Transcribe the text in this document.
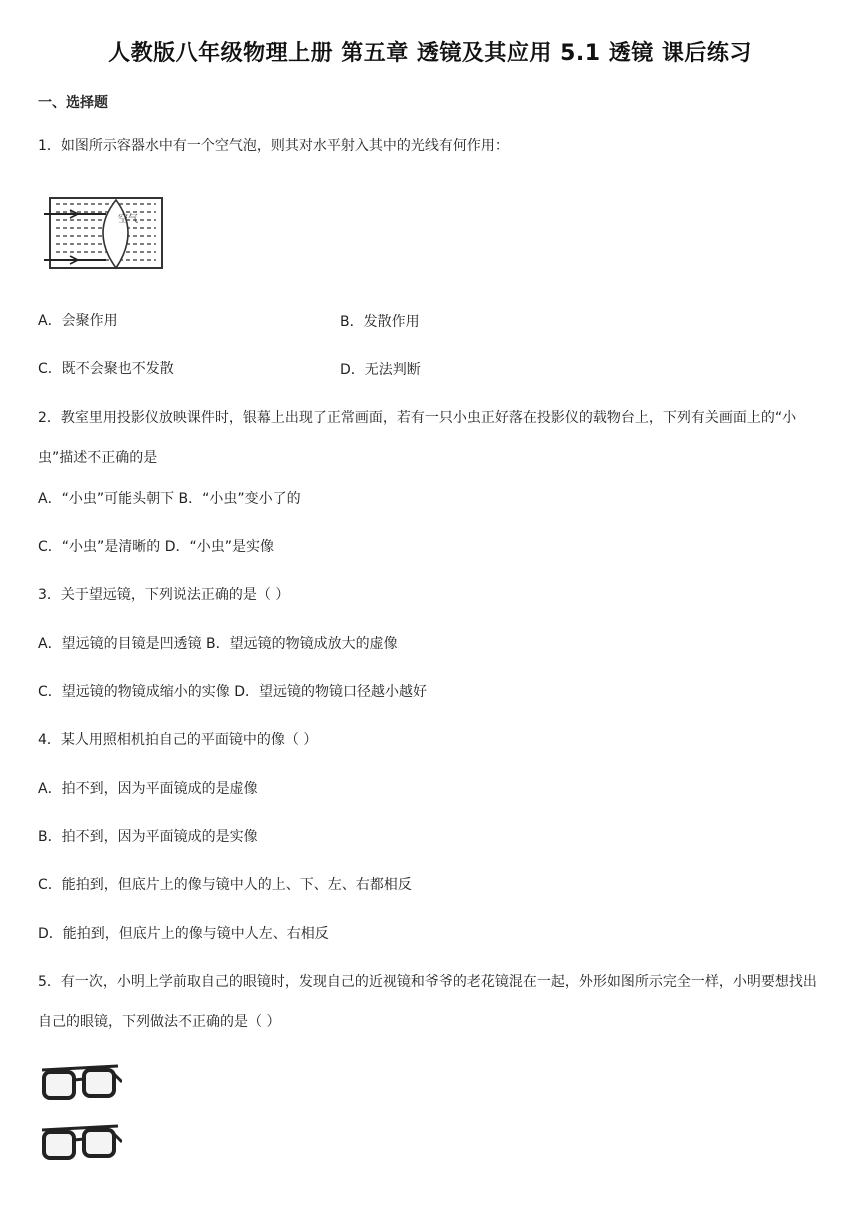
人教版八年级物理上册 第五章 透镜及其应用 5.1 透镜 课后练习
一、选择题
1．如图所示容器水中有一个空气泡，则其对水平射入其中的光线有何作用：
空气
A．会聚作用	B．发散作用
C．既不会聚也不发散	D．无法判断
2．教室里用投影仪放映课件时，银幕上出现了正常画面，若有一只小虫正好落在投影仪的载物台上，下列有关画面上的“小虫”描述不正确的是
A．“小虫”可能头朝下 B．“小虫”变小了的
C．“小虫”是清晰的 D．“小虫”是实像
3．关于望远镜，下列说法正确的是（ ）
A．望远镜的目镜是凹透镜 B．望远镜的物镜成放大的虚像
C．望远镜的物镜成缩小的实像 D．望远镜的物镜口径越小越好
4．某人用照相机拍自己的平面镜中的像（ ）
A．拍不到，因为平面镜成的是虚像
B．拍不到，因为平面镜成的是实像
C．能拍到，但底片上的像与镜中人的上、下、左、右都相反
D．能拍到，但底片上的像与镜中人左、右相反
5．有一次，小明上学前取自己的眼镜时，发现自己的近视镜和爷爷的老花镜混在一起，外形如图所示完全一样，小明要想找出自己的眼镜，下列做法不正确的是（ ）
